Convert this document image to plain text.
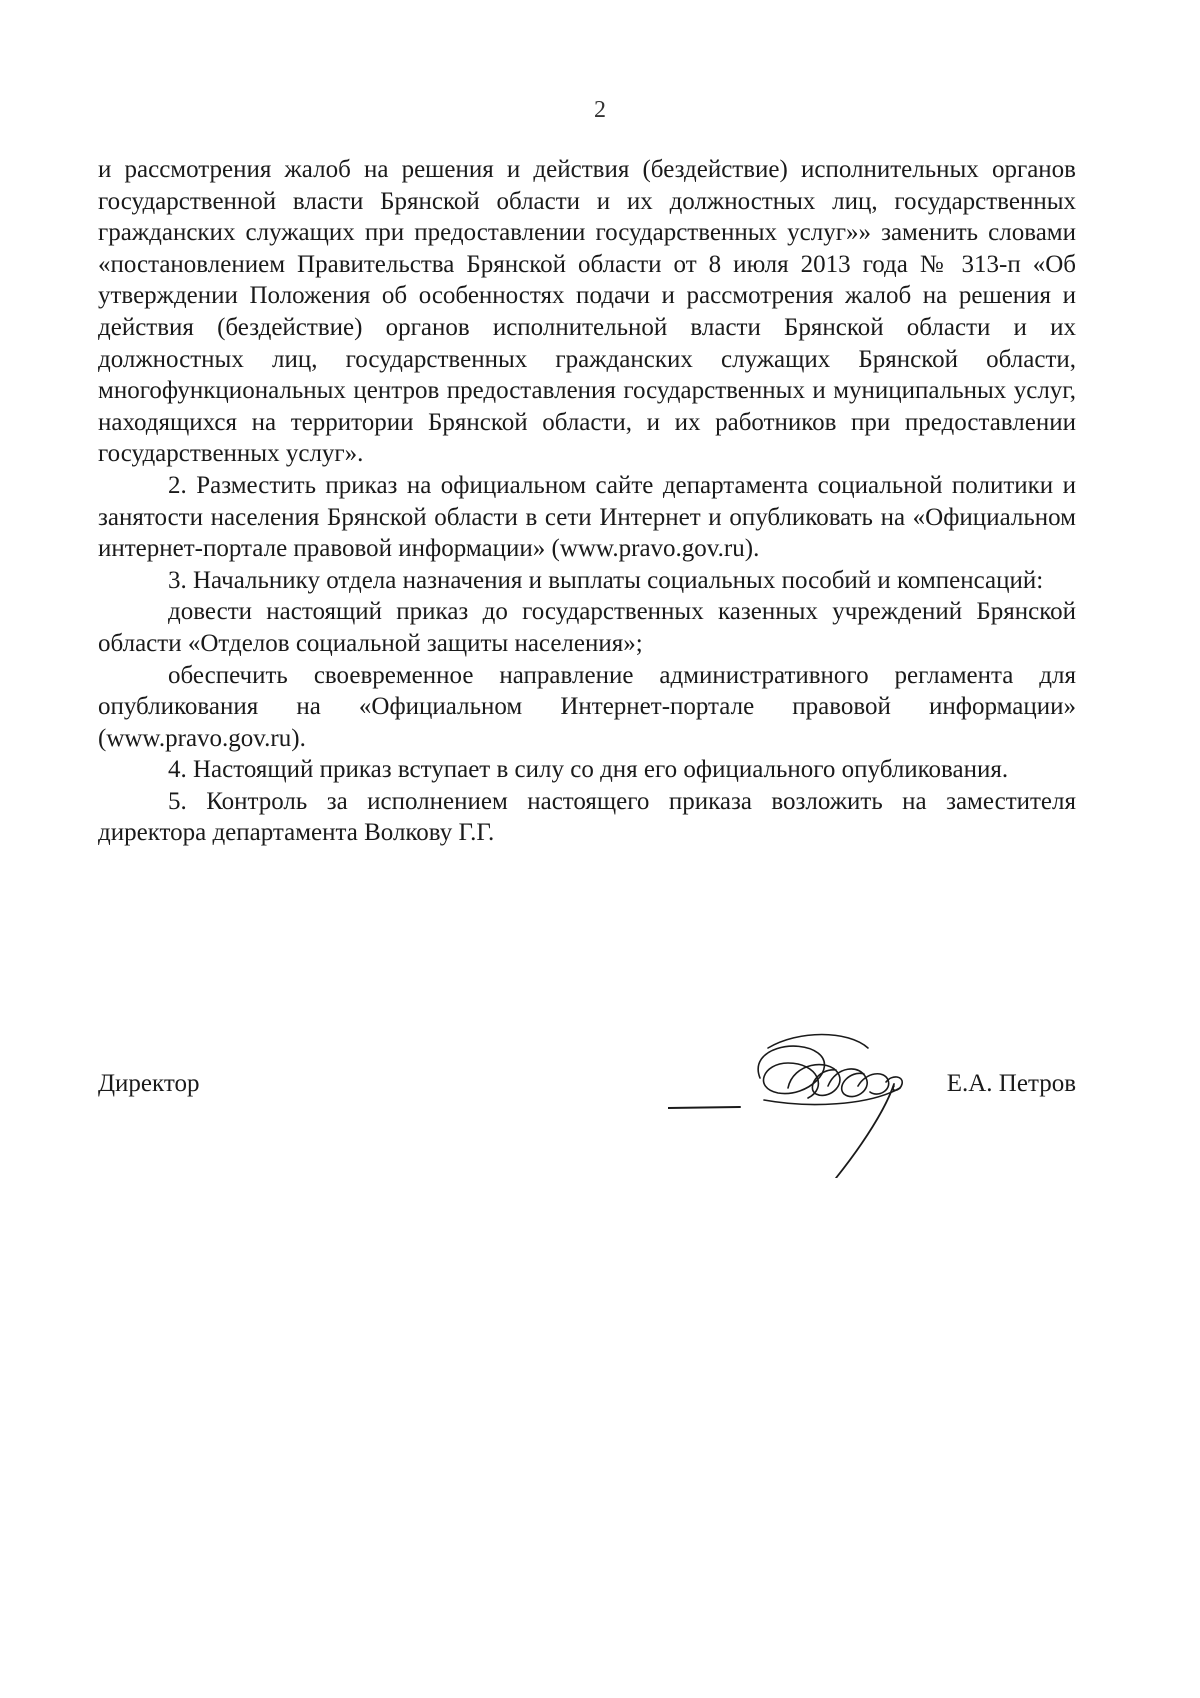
2

и рассмотрения жалоб на решения и действия (бездействие) исполнительных органов государственной власти Брянской области и их должностных лиц, государственных гражданских служащих при предоставлении государственных услуг»» заменить словами «постановлением Правительства Брянской области от 8 июля 2013 года № 313-п «Об утверждении Положения об особенностях подачи и рассмотрения жалоб на решения и действия (бездействие) органов исполнительной власти Брянской области и их должностных лиц, государственных гражданских служащих Брянской области, многофункциональных центров предоставления государственных и муниципальных услуг, находящихся на территории Брянской области, и их работников при предоставлении государственных услуг».

2. Разместить приказ на официальном сайте департамента социальной политики и занятости населения Брянской области в сети Интернет и опубликовать на «Официальном интернет-портале правовой информации» (www.pravo.gov.ru).

3. Начальнику отдела назначения и выплаты социальных пособий и компенсаций:

довести настоящий приказ до государственных казенных учреждений Брянской области «Отделов социальной защиты населения»;

обеспечить своевременное направление административного регламента для опубликования на «Официальном Интернет-портале правовой информации» (www.pravo.gov.ru).

4. Настоящий приказ вступает в силу со дня его официального опубликования.

5. Контроль за исполнением настоящего приказа возложить на заместителя директора департамента Волкову Г.Г.

Директор	Е.А. Петров
